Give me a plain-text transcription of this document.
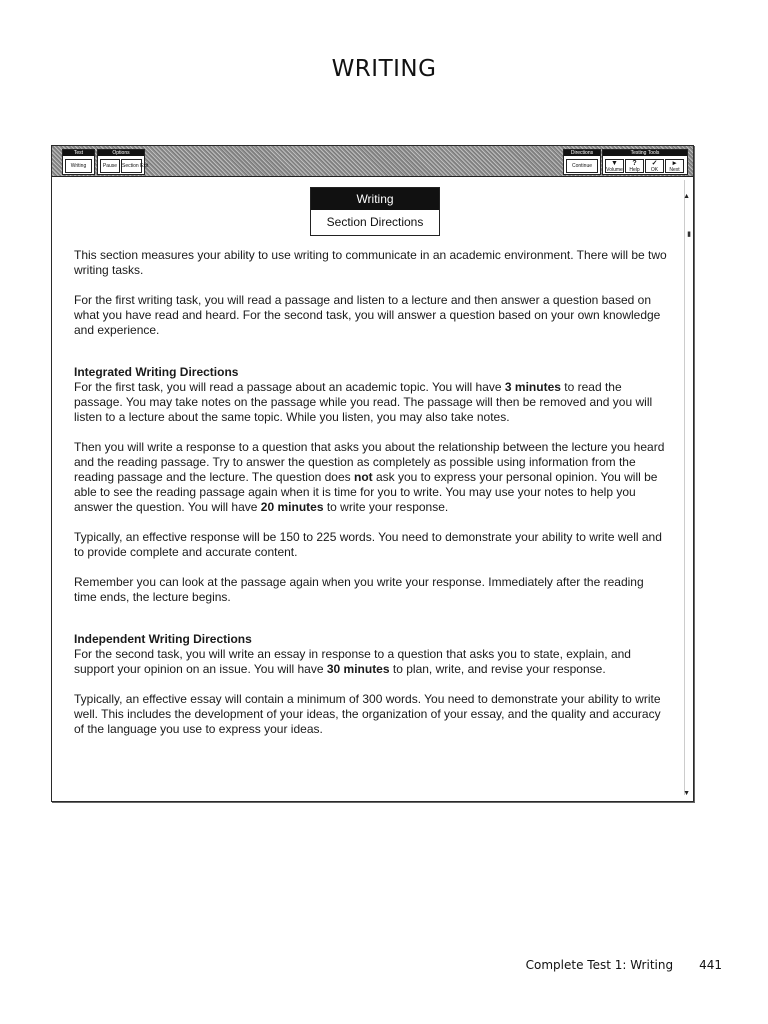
WRITING
Test
Writing
Options
Pause Section Exit
Directions
Continue
Testing Tools
▼
Volume
?
Help
✓
OK
▸
Next
▲
▮
▼
Writing
Section Directions

This section measures your ability to use writing to communicate in an academic environment. There will be two writing tasks.

For the first writing task, you will read a passage and listen to a lecture and then answer a question based on what you have read and heard. For the second task, you will answer a question based on your own knowledge and experience.

Integrated Writing Directions

For the first task, you will read a passage about an academic topic. You will have 3 minutes to read the passage. You may take notes on the passage while you read. The passage will then be removed and you will listen to a lecture about the same topic. While you listen, you may also take notes.

Then you will write a response to a question that asks you about the relationship between the lecture you heard and the reading passage. Try to answer the question as completely as possible using information from the reading passage and the lecture. The question does not ask you to express your personal opinion. You will be able to see the reading passage again when it is time for you to write. You may use your notes to help you answer the question. You will have 20 minutes to write your response.

Typically, an effective response will be 150 to 225 words. You need to demonstrate your ability to write well and to provide complete and accurate content.

Remember you can look at the passage again when you write your response. Immediately after the reading time ends, the lecture begins.

Independent Writing Directions

For the second task, you will write an essay in response to a question that asks you to state, explain, and support your opinion on an issue. You will have 30 minutes to plan, write, and revise your response.

Typically, an effective essay will contain a minimum of 300 words. You need to demonstrate your ability to write well. This includes the development of your ideas, the organization of your essay, and the quality and accuracy of the language you use to express your ideas.

Complete Test 1: Writing 441
